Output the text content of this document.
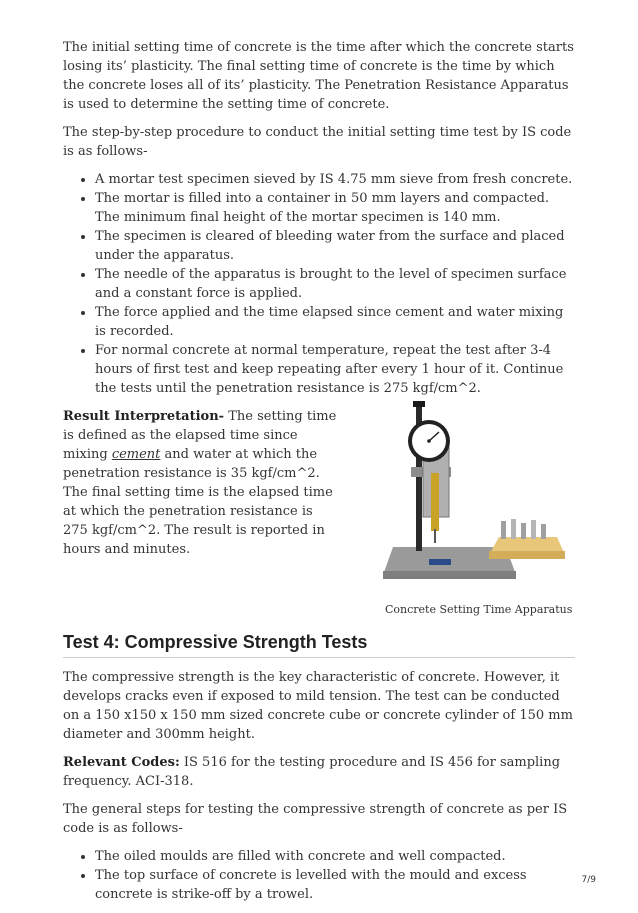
The initial setting time of concrete is the time after which the concrete starts losing its’ plasticity. The final setting time of concrete is the time by which the concrete loses all of its’ plasticity. The Penetration Resistance Apparatus is used to determine the setting time of concrete.

The step-by-step procedure to conduct the initial setting time test by IS code is as follows-

• A mortar test specimen sieved by IS 4.75 mm sieve from fresh concrete.
• The mortar is filled into a container in 50 mm layers and compacted. The minimum final height of the mortar specimen is 140 mm.
• The specimen is cleared of bleeding water from the surface and placed under the apparatus.
• The needle of the apparatus is brought to the level of specimen surface and a constant force is applied.
• The force applied and the time elapsed since cement and water mixing is recorded.
• For normal concrete at normal temperature, repeat the test after 3-4 hours of first test and keep repeating after every 1 hour of it. Continue the tests until the penetration resistance is 275 kgf/cm^2.
Result Interpretation- The setting time is defined as the elapsed time since mixing cement and water at which the penetration resistance is 35 kgf/cm^2. The final setting time is the elapsed time at which the penetration resistance is 275 kgf/cm^2. The result is reported in hours and minutes.
Concrete Setting Time Apparatus
Test 4: Compressive Strength Tests

The compressive strength is the key characteristic of concrete. However, it develops cracks even if exposed to mild tension. The test can be conducted on a 150 x150 x 150 mm sized concrete cube or concrete cylinder of 150 mm diameter and 300mm height.

Relevant Codes: IS 516 for the testing procedure and IS 456 for sampling frequency. ACI-318.

The general steps for testing the compressive strength of concrete as per IS code is as follows-

• The oiled moulds are filled with concrete and well compacted.
• The top surface of concrete is levelled with the mould and excess concrete is strike-off by a trowel.
7/9
